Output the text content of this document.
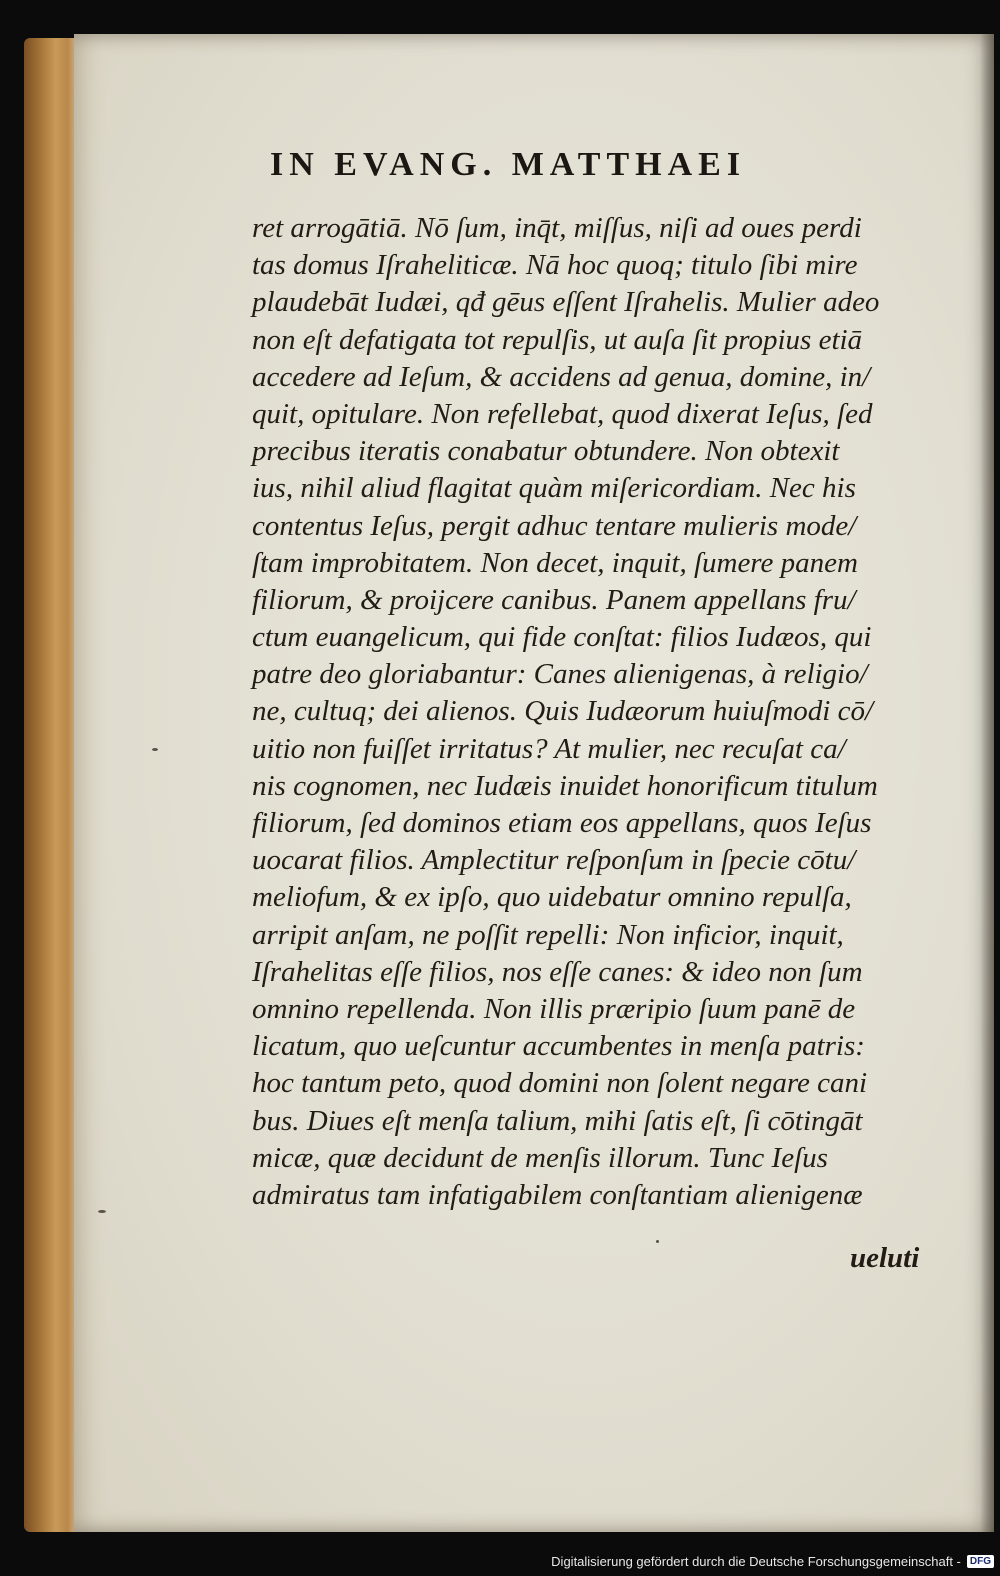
IN EVANG. MATTHAEI
ret arrogātiā. Nō ſum, inq̄t, miſſus, niſi ad oues perdi
tas domus Iſraheliticæ. Nā hoc quoq; titulo ſibi mire
plaudebāt Iudæi, qđ gēus eſſent Iſrahelis. Mulier adeo
non eſt defatigata tot repulſis, ut auſa ſit propius etiā
accedere ad Ieſum, & accidens ad genua, domine, in/
quit, opitulare. Non refellebat, quod dixerat Ieſus, ſed
precibus iteratis conabatur obtundere. Non obtexit
ius, nihil aliud flagitat quàm miſericordiam. Nec his
contentus Ieſus, pergit adhuc tentare mulieris mode/
ſtam improbitatem. Non decet, inquit, ſumere panem
filiorum, & proijcere canibus. Panem appellans fru/
ctum euangelicum, qui fide conſtat: filios Iudæos, qui
patre deo gloriabantur: Canes alienigenas, à religio/
ne, cultuq; dei alienos. Quis Iudæorum huiuſmodi cō/
uitio non fuiſſet irritatus? At mulier, nec recuſat ca/
nis cognomen, nec Iudæis inuidet honorificum titulum
filiorum, ſed dominos etiam eos appellans, quos Ieſus
uocarat filios. Amplectitur reſponſum in ſpecie cōtu/
meliofum, & ex ipſo, quo uidebatur omnino repulſa,
arripit anſam, ne poſſit repelli: Non inficior, inquit,
Iſrahelitas eſſe filios, nos eſſe canes: & ideo non ſum
omnino repellenda. Non illis præripio ſuum panē de
licatum, quo ueſcuntur accumbentes in menſa patris:
hoc tantum peto, quod domini non ſolent negare cani
bus. Diues eſt menſa talium, mihi ſatis eſt, ſi cōtingāt
micæ, quæ decidunt de menſis illorum. Tunc Ieſus
admiratus tam infatigabilem conſtantiam alienigenæ
ueluti
Digitalisierung gefördert durch die Deutsche Forschungsgemeinschaft - DFG
